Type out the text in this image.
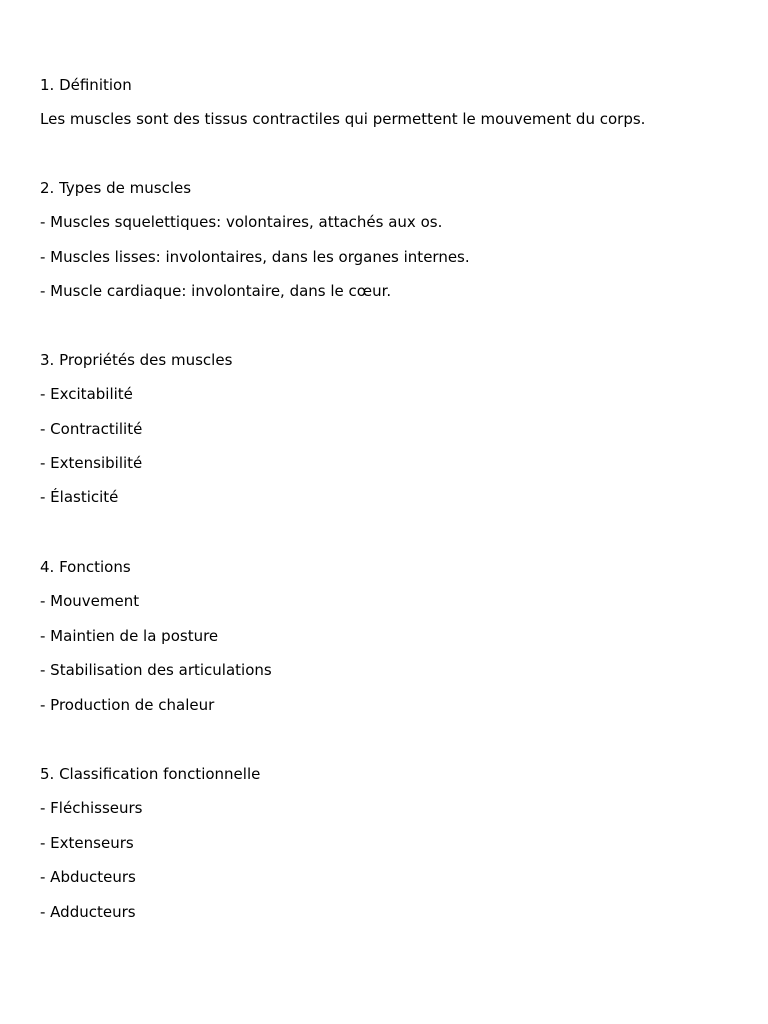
1. Définition
Les muscles sont des tissus contractiles qui permettent le mouvement du corps.
2. Types de muscles
- Muscles squelettiques: volontaires, attachés aux os.
- Muscles lisses: involontaires, dans les organes internes.
- Muscle cardiaque: involontaire, dans le cœur.
3. Propriétés des muscles
- Excitabilité
- Contractilité
- Extensibilité
- Élasticité
4. Fonctions
- Mouvement
- Maintien de la posture
- Stabilisation des articulations
- Production de chaleur
5. Classification fonctionnelle
- Fléchisseurs
- Extenseurs
- Abducteurs
- Adducteurs
